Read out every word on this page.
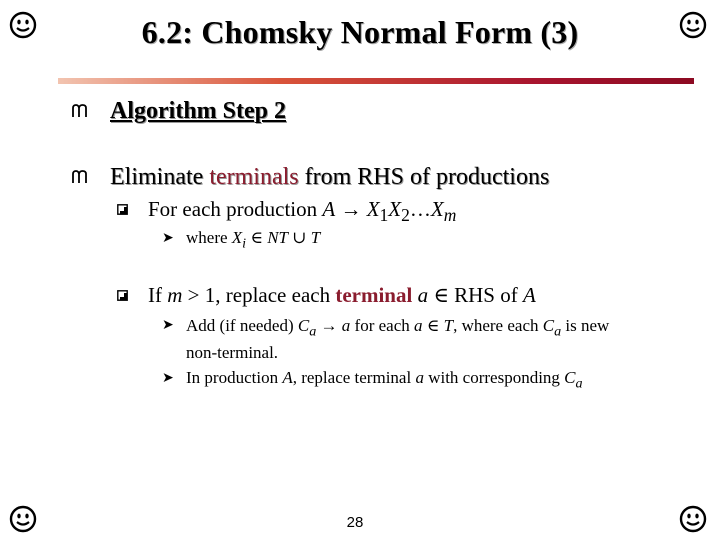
6.2: Chomsky Normal Form (3)
Algorithm Step 2
Eliminate terminals from RHS of productions
For each production $A \to X_1X_2\dots X_m$
➤ where $X_i$ ∈ NT ∪ T
If m > 1, replace each terminal a ∈ RHS of A
➤ Add (if needed) $C_a \to a$ for each a ∈ T, where each $C_a$ is new
non-terminal.
➤ In production A, replace terminal a with corresponding $C_a$
28
